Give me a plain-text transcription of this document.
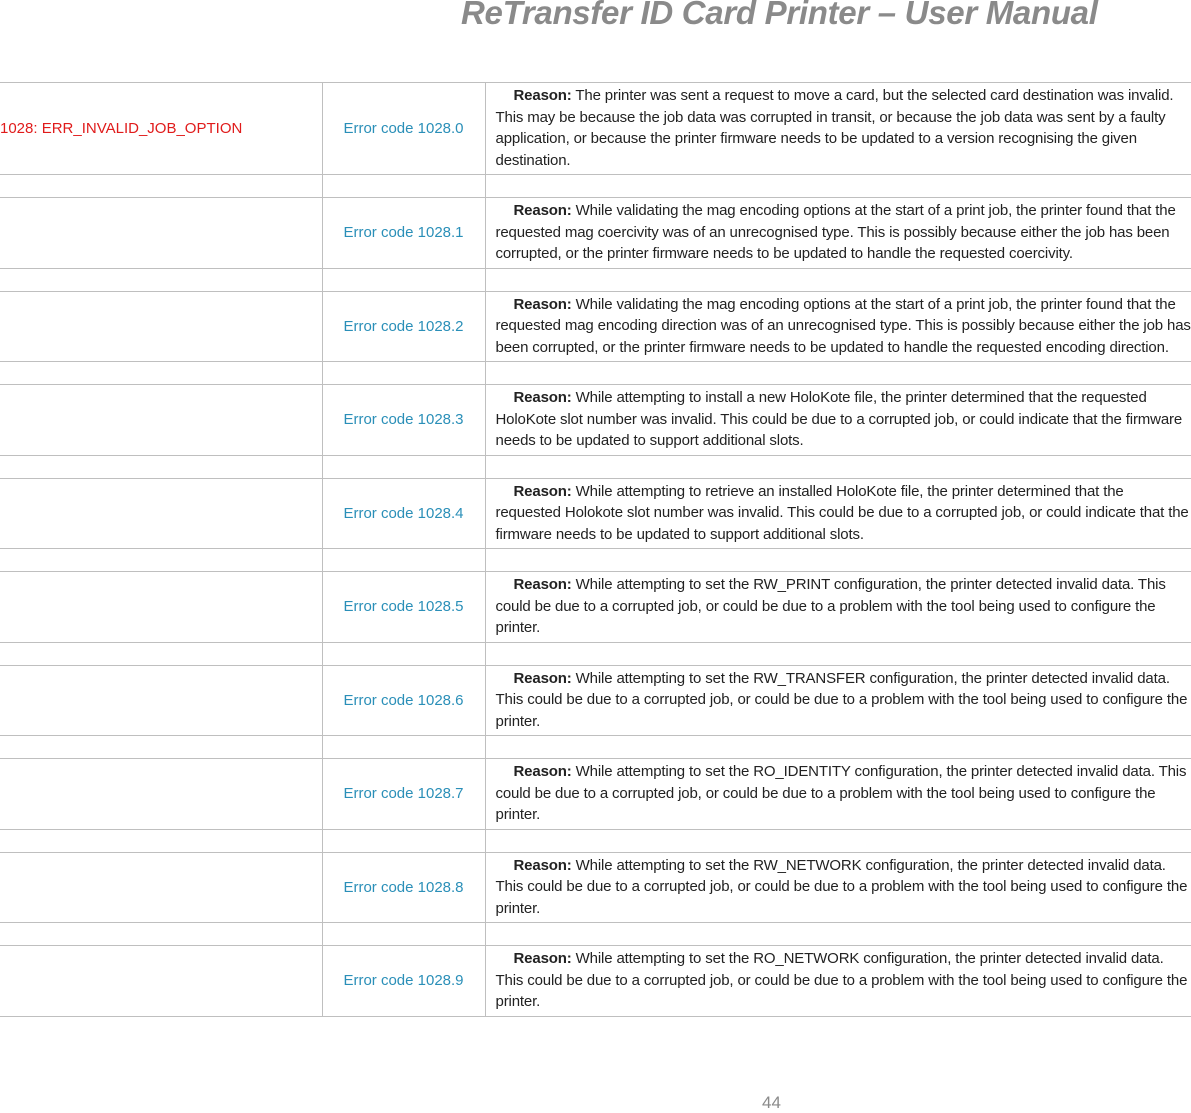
ReTransfer ID Card Printer – User Manual
1028: ERR_INVALID_JOB_OPTION	Error code 1028.0	Reason: The printer was sent a request to move a card, but the selected card destination was invalid. This may be because the job data was corrupted in transit, or because the job data was sent by a faulty application, or because the printer firmware needs to be updated to a version recognising the given destination.

	Error code 1028.1	Reason: While validating the mag encoding options at the start of a print job, the printer found that the requested mag coercivity was of an unrecognised type. This is possibly because either the job has been corrupted, or the printer firmware needs to be updated to handle the requested coercivity.

	Error code 1028.2	Reason: While validating the mag encoding options at the start of a print job, the printer found that the requested mag encoding direction was of an unrecognised type. This is possibly because either the job has been corrupted, or the printer firmware needs to be updated to handle the requested encoding direction.

	Error code 1028.3	Reason: While attempting to install a new HoloKote file, the printer determined that the requested HoloKote slot number was invalid. This could be due to a corrupted job, or could indicate that the firmware needs to be updated to support additional slots.

	Error code 1028.4	Reason: While attempting to retrieve an installed HoloKote file, the printer determined that the requested Holokote slot number was invalid. This could be due to a corrupted job, or could indicate that the firmware needs to be updated to support additional slots.

	Error code 1028.5	Reason: While attempting to set the RW_PRINT configuration, the printer detected invalid data. This could be due to a corrupted job, or could be due to a problem with the tool being used to configure the printer.

	Error code 1028.6	Reason: While attempting to set the RW_TRANSFER configuration, the printer detected invalid data. This could be due to a corrupted job, or could be due to a problem with the tool being used to configure the printer.

	Error code 1028.7	Reason: While attempting to set the RO_IDENTITY configuration, the printer detected invalid data. This could be due to a corrupted job, or could be due to a problem with the tool being used to configure the printer.

	Error code 1028.8	Reason: While attempting to set the RW_NETWORK configuration, the printer detected invalid data. This could be due to a corrupted job, or could be due to a problem with the tool being used to configure the printer.

	Error code 1028.9	Reason: While attempting to set the RO_NETWORK configuration, the printer detected invalid data. This could be due to a corrupted job, or could be due to a problem with the tool being used to configure the printer.
44
